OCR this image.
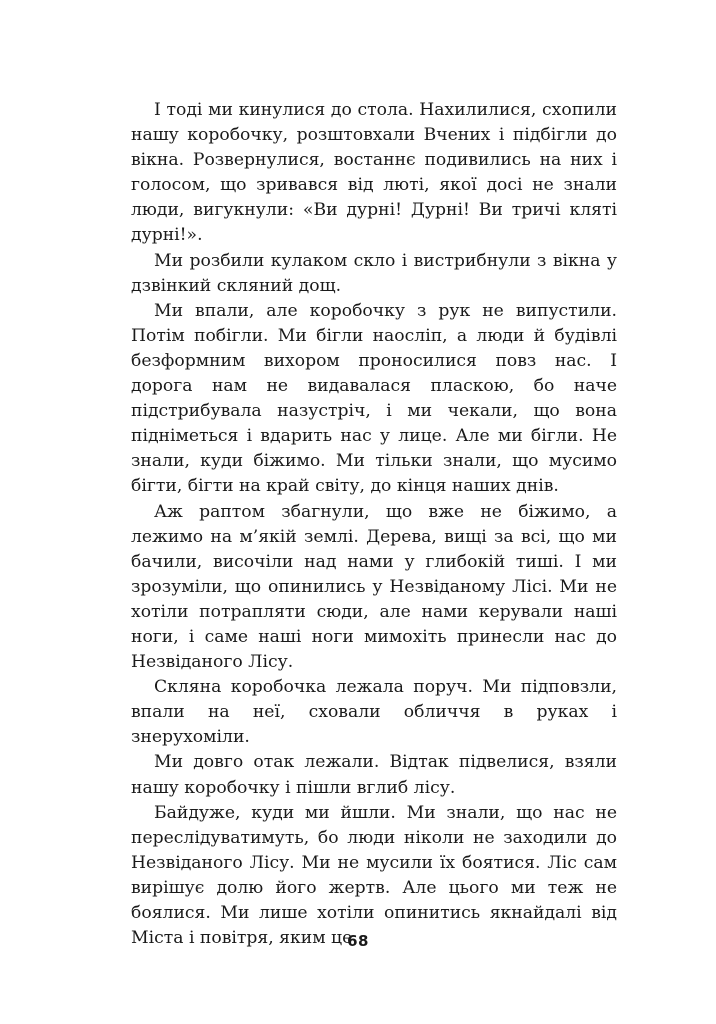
І тоді ми кинулися до стола. Нахилилися, схопили нашу коробочку, розштовхали Вчених і підбігли до вікна. Розвернулися, востаннє подивились на них і голосом, що зривався від люті, якої досі не знали люди, вигукнули: «Ви дурні! Дурні! Ви тричі кляті дурні!».

Ми розбили кулаком скло і вистрибнули з вікна у дзвінкий скляний дощ.

Ми впали, але коробочку з рук не випустили. Потім побігли. Ми бігли наосліп, а люди й будівлі безформним вихором проносилися повз нас. І дорога нам не видавалася пласкою, бо наче підстрибувала назустріч, і ми чекали, що вона підніметься і вдарить нас у лице. Але ми бігли. Не знали, куди біжимо. Ми тільки знали, що мусимо бігти, бігти на край світу, до кінця наших днів.

Аж раптом збагнули, що вже не біжимо, а лежимо на м’якій землі. Дерева, вищі за всі, що ми бачили, височіли над нами у глибокій тиші. І ми зрозуміли, що опинились у Незвіданому Лісі. Ми не хотіли потрапляти сюди, але нами керували наші ноги, і саме наші ноги мимохіть принесли нас до Незвіданого Лісу.

Скляна коробочка лежала поруч. Ми підповзли, впали на неї, сховали обличчя в руках і знерухоміли.

Ми довго отак лежали. Відтак підвелися, взяли нашу коробочку і пішли вглиб лісу.

Байдуже, куди ми йшли. Ми знали, що нас не переслідуватимуть, бо люди ніколи не заходили до Незвіданого Лісу. Ми не мусили їх боятися. Ліс сам вирішує долю його жертв. Але цього ми теж не боялися. Ми лише хотіли опинитись якнайдалі від Міста і повітря, яким це

68
